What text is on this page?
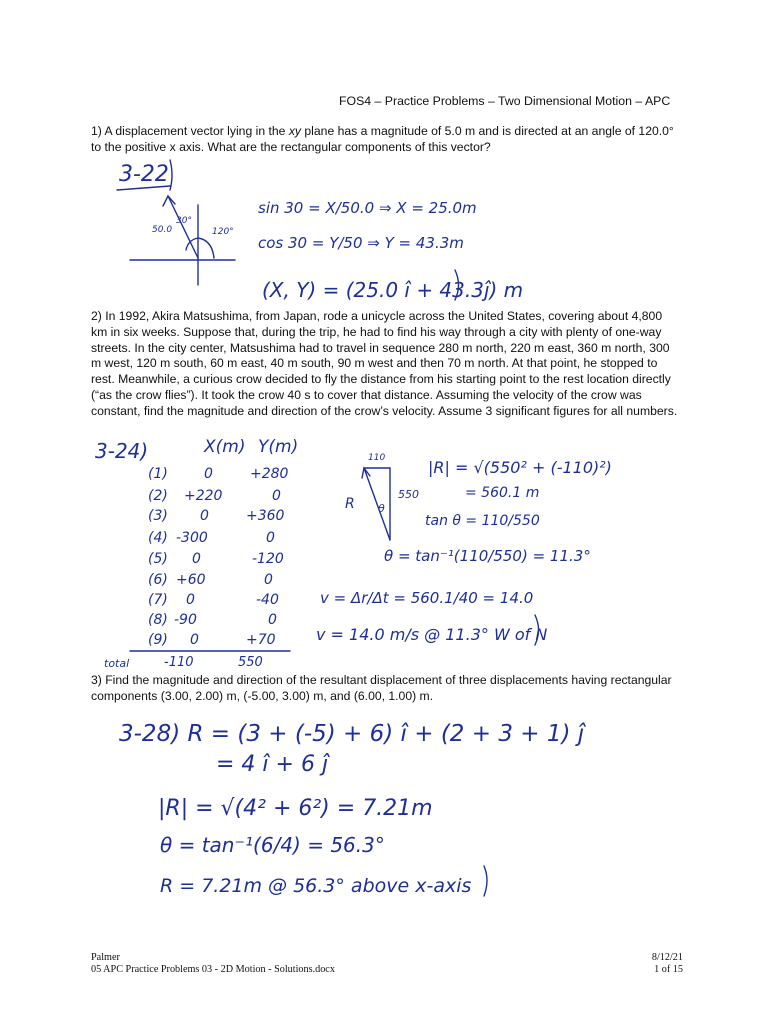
FOS4 – Practice Problems – Two Dimensional Motion – APC

1) A displacement vector lying in the xy plane has a magnitude of 5.0 m and is directed at an angle of 120.0° to the positive x axis. What are the rectangular components of this vector?

2) In 1992, Akira Matsushima, from Japan, rode a unicycle across the United States, covering about 4,800 km in six weeks. Suppose that, during the trip, he had to find his way through a city with plenty of one-way streets. In the city center, Matsushima had to travel in sequence 280 m north, 220 m east, 360 m north, 300 m west, 120 m south, 60 m east, 40 m south, 90 m west and then 70 m north. At that point, he stopped to rest. Meanwhile, a curious crow decided to fly the distance from his starting point to the rest location directly (“as the crow flies”). It took the crow 40 s to cover that distance. Assuming the velocity of the crow was constant, find the magnitude and direction of the crow’s velocity. Assume 3 significant figures for all numbers.

3) Find the magnitude and direction of the resultant displacement of three displacements having rectangular components (3.00, 2.00) m, (-5.00, 3.00) m, and (6.00, 1.00) m.

3-22
30°
120°
50.0
sin 30 = X/50.0 ⇒ X = 25.0m
cos 30 = Y/50 ⇒ Y = 43.3m
(X, Y) = (25.0 î + 43.3ĵ) m
3-24)	X(m) Y(m)
(1)	0	+280
(2) +220	0
(3) 0	+360
(4) -300	0
(5) 0	-120
(6) +60	0
(7) 0	-40
(8) -90	0
(9) 0	+70
total	-110	550
110
550
R θ
|R| = √(550² + (-110)²)
= 560.1 m
tan θ = 110/550
θ = tan⁻¹(110/550) = 11.3°
v = Δr/Δt = 560.1/40 = 14.0
v = 14.0 m/s @ 11.3° W of N
3-28) R = (3 + (-5) + 6) î + (2 + 3 + 1) ĵ
= 4 î + 6 ĵ
|R| = √(4² + 6²) = 7.21m
θ = tan⁻¹(6/4) = 56.3°
R = 7.21m @ 56.3° above x-axis
Palmer
05 APC Practice Problems 03 - 2D Motion - Solutions.docx
8/12/21
1 of 15
